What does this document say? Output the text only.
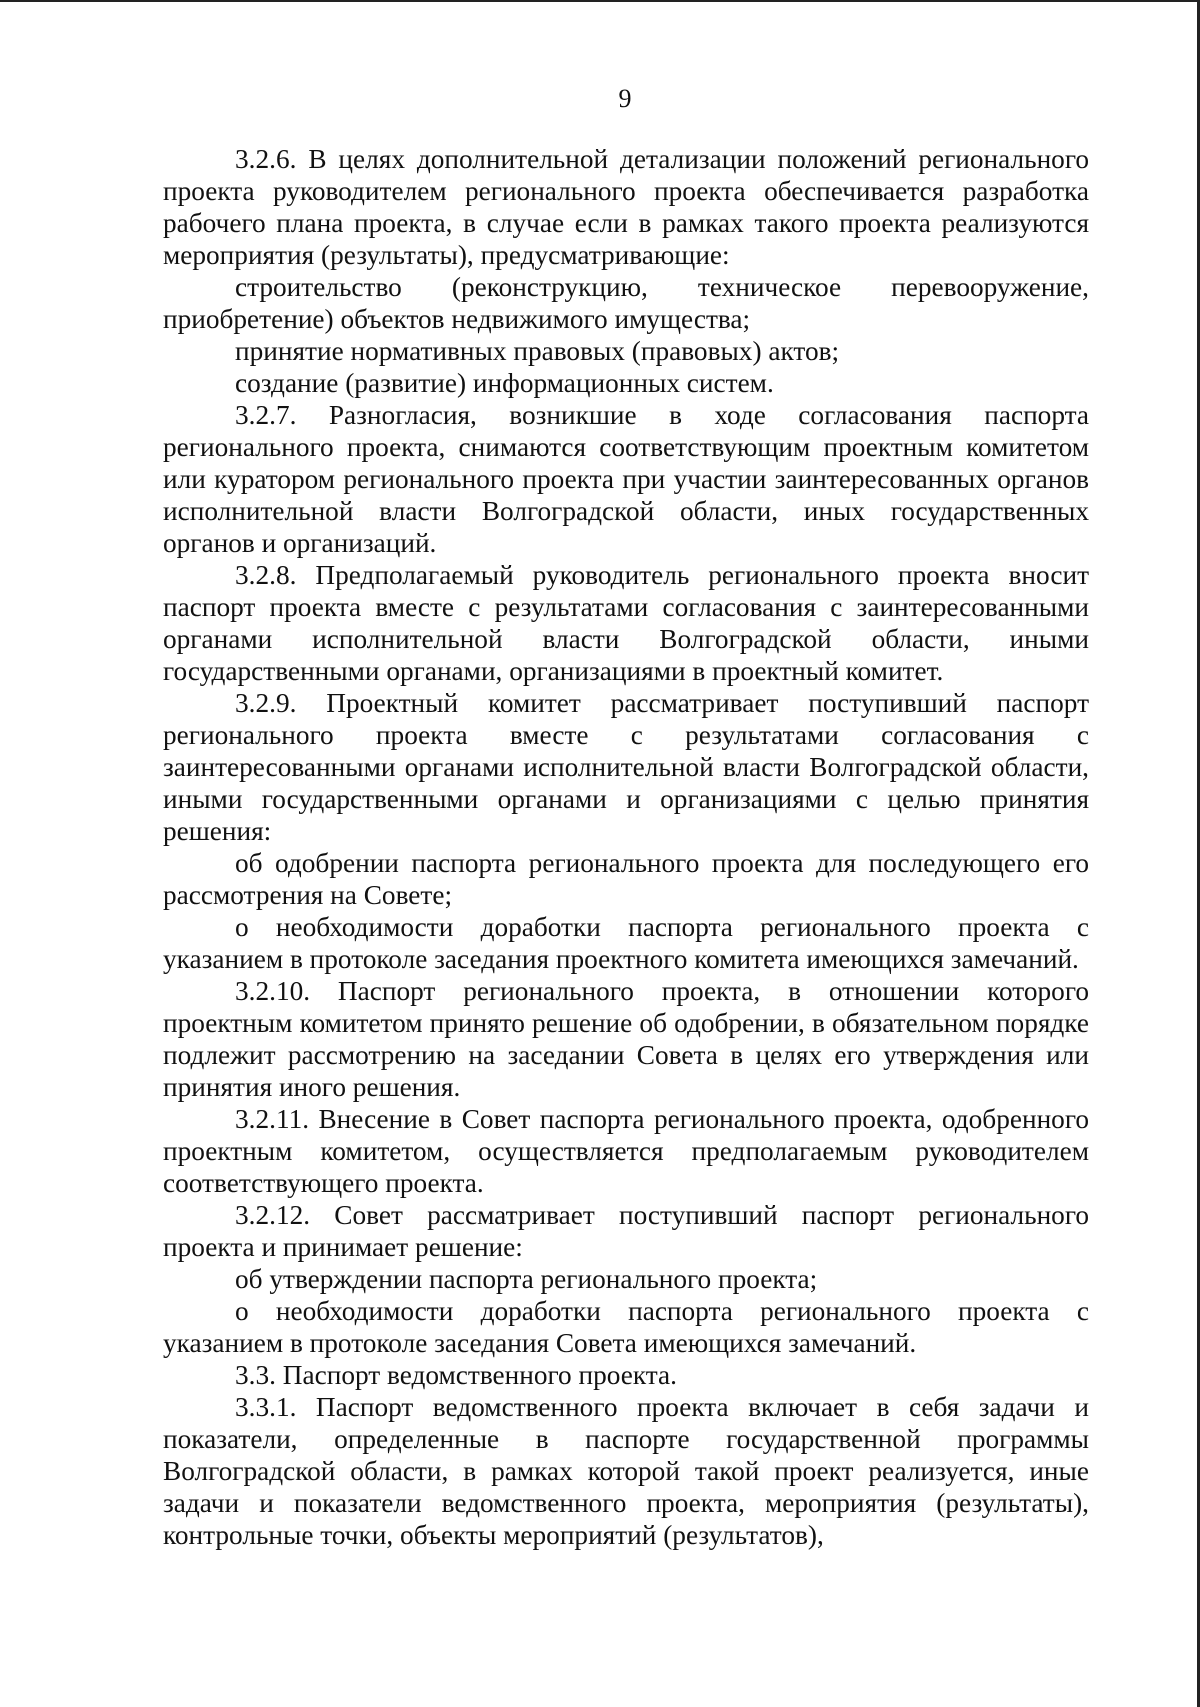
9

3.2.6. В целях дополнительной детализации положений регионального проекта руководителем регионального проекта обеспечивается разработка рабочего плана проекта, в случае если в рамках такого проекта реализуются мероприятия (результаты), предусматривающие:

строительство (реконструкцию, техническое перевооружение, приобретение) объектов недвижимого имущества;

принятие нормативных правовых (правовых) актов;

создание (развитие) информационных систем.

3.2.7. Разногласия, возникшие в ходе согласования паспорта регионального проекта, снимаются соответствующим проектным комитетом или куратором регионального проекта при участии заинтересованных органов исполнительной власти Волгоградской области, иных государственных органов и организаций.

3.2.8. Предполагаемый руководитель регионального проекта вносит паспорт проекта вместе с результатами согласования с заинтересованными органами исполнительной власти Волгоградской области, иными государственными органами, организациями в проектный комитет.

3.2.9. Проектный комитет рассматривает поступивший паспорт регионального проекта вместе с результатами согласования с заинтересованными органами исполнительной власти Волгоградской области, иными государственными органами и организациями с целью принятия решения:

об одобрении паспорта регионального проекта для последующего его рассмотрения на Совете;

о необходимости доработки паспорта регионального проекта с указанием в протоколе заседания проектного комитета имеющихся замечаний.

3.2.10. Паспорт регионального проекта, в отношении которого проектным комитетом принято решение об одобрении, в обязательном порядке подлежит рассмотрению на заседании Совета в целях его утверждения или принятия иного решения.

3.2.11. Внесение в Совет паспорта регионального проекта, одобренного проектным комитетом, осуществляется предполагаемым руководителем соответствующего проекта.

3.2.12. Совет рассматривает поступивший паспорт регионального проекта и принимает решение:

об утверждении паспорта регионального проекта;

о необходимости доработки паспорта регионального проекта с указанием в протоколе заседания Совета имеющихся замечаний.

3.3. Паспорт ведомственного проекта.

3.3.1. Паспорт ведомственного проекта включает в себя задачи и показатели, определенные в паспорте государственной программы Волгоградской области, в рамках которой такой проект реализуется, иные задачи и показатели ведомственного проекта, мероприятия (результаты), контрольные точки, объекты мероприятий (результатов),
